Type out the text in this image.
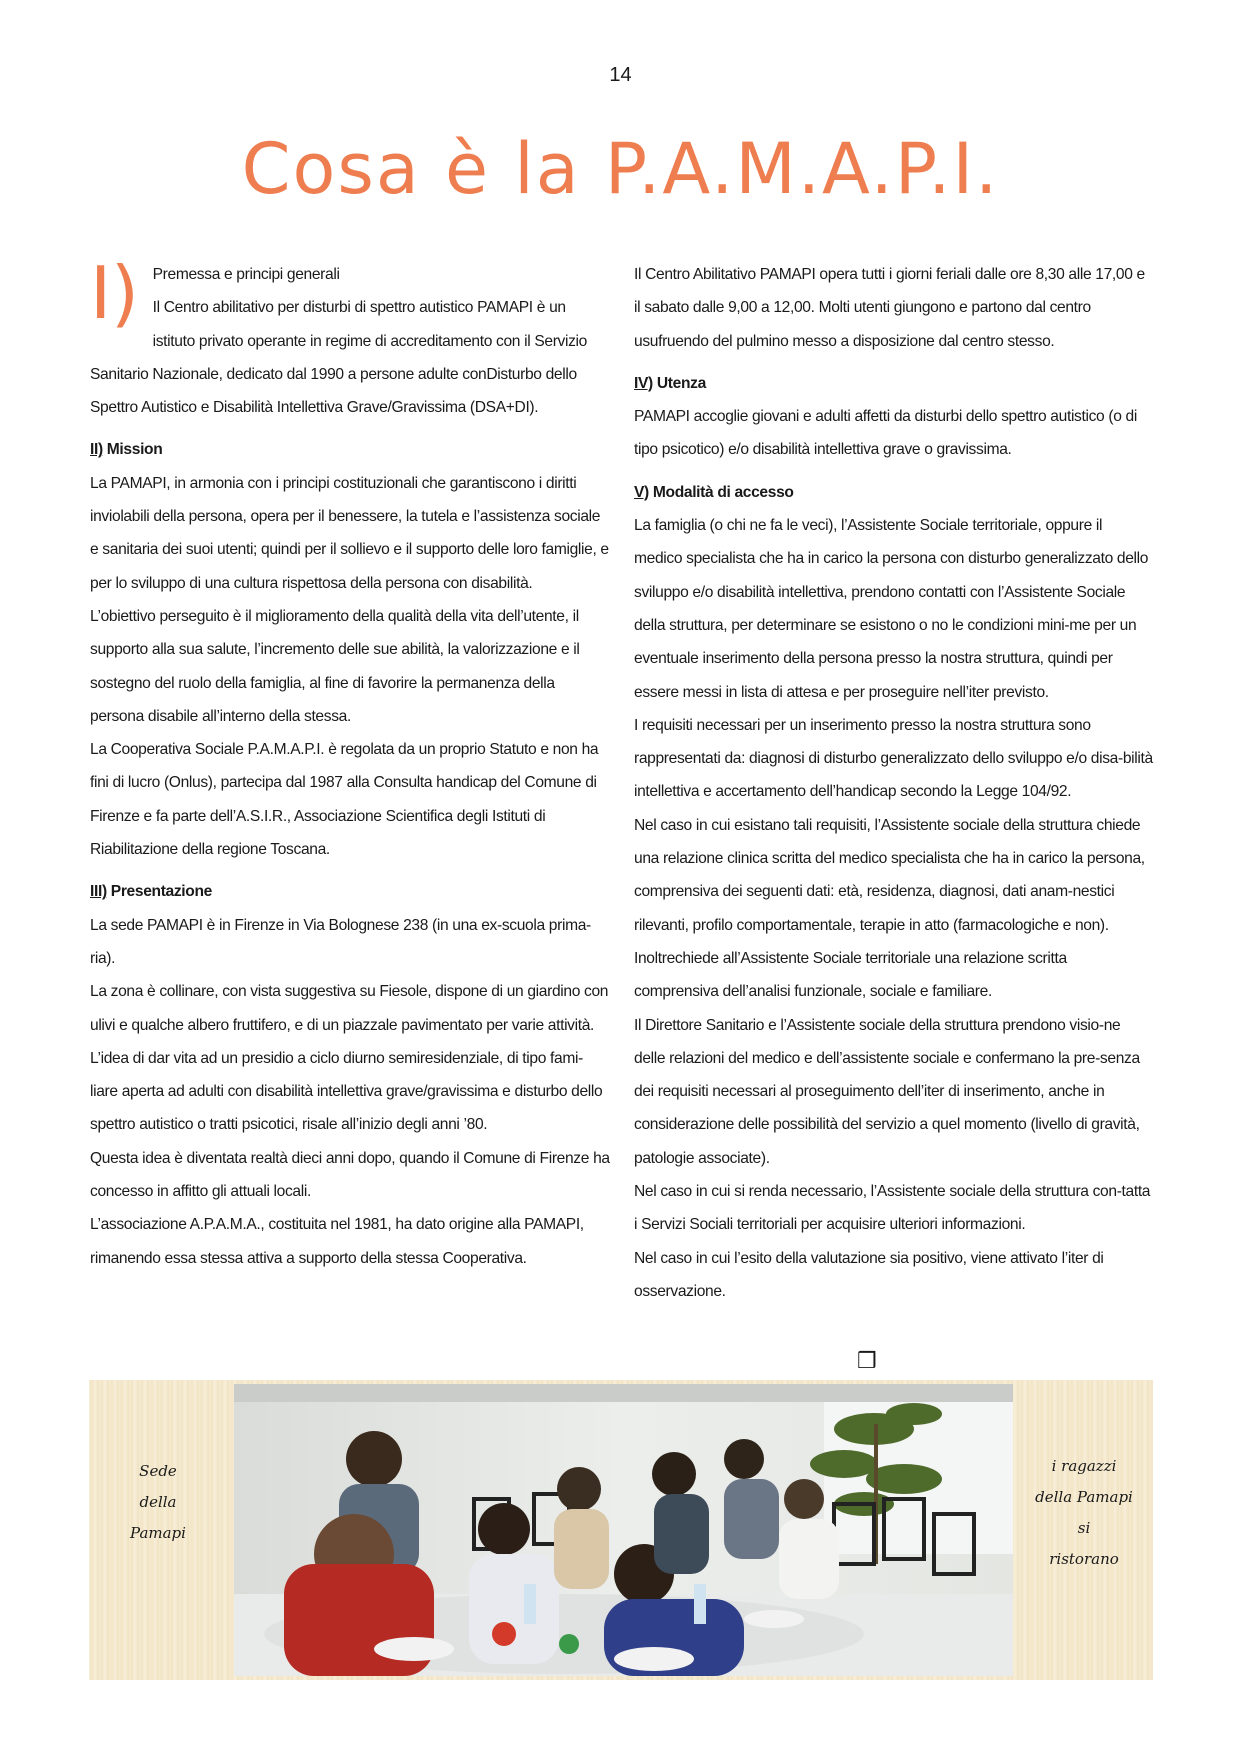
14
Cosa è la P.A.M.A.P.I.
I) Premessa e principi generali

Il Centro abilitativo per disturbi di spettro autistico PAMAPI è un istituto privato operante in regime di accreditamento con il Servizio Sanitario Nazionale, dedicato dal 1990 a persone adulte conDisturbo dello Spettro Autistico e Disabilità Intellettiva Grave/Gravissima (DSA+DI).

II) Mission

La PAMAPI, in armonia con i principi costituzionali che garantiscono i diritti inviolabili della persona, opera per il benessere, la tutela e l’assistenza sociale e sanitaria dei suoi utenti; quindi per il sollievo e il supporto delle loro famiglie, e per lo sviluppo di una cultura rispettosa della persona con disabilità.

L’obiettivo perseguito è il miglioramento della qualità della vita dell’utente, il supporto alla sua salute, l’incremento delle sue abilità, la valorizzazione e il sostegno del ruolo della famiglia, al fine di favorire la permanenza della persona disabile all’interno della stessa.

La Cooperativa Sociale P.A.M.A.P.I. è regolata da un proprio Statuto e non ha fini di lucro (Onlus), partecipa dal 1987 alla Consulta handicap del Comune di Firenze e fa parte dell’A.S.I.R., Associazione Scientifica degli Istituti di Riabilitazione della regione Toscana.

III) Presentazione

La sede PAMAPI è in Firenze in Via Bolognese 238 (in una ex-scuola prima-ria).

La zona è collinare, con vista suggestiva su Fiesole, dispone di un giardino con ulivi e qualche albero fruttifero, e di un piazzale pavimentato per varie attività.

L’idea di dar vita ad un presidio a ciclo diurno semiresidenziale, di tipo fami-liare aperta ad adulti con disabilità intellettiva grave/gravissima e disturbo dello spettro autistico o tratti psicotici, risale all’inizio degli anni ’80.

Questa idea è diventata realtà dieci anni dopo, quando il Comune di Firenze ha concesso in affitto gli attuali locali.

L’associazione A.P.A.M.A., costituita nel 1981, ha dato origine alla PAMAPI, rimanendo essa stessa attiva a supporto della stessa Cooperativa.

Il Centro Abilitativo PAMAPI opera tutti i giorni feriali dalle ore 8,30 alle 17,00 e il sabato dalle 9,00 a 12,00. Molti utenti giungono e partono dal centro usufruendo del pulmino messo a disposizione dal centro stesso.

IV) Utenza

PAMAPI accoglie giovani e adulti affetti da disturbi dello spettro autistico (o di tipo psicotico) e/o disabilità intellettiva grave o gravissima.

V) Modalità di accesso

La famiglia (o chi ne fa le veci), l’Assistente Sociale territoriale, oppure il medico specialista che ha in carico la persona con disturbo generalizzato dello sviluppo e/o disabilità intellettiva, prendono contatti con l’Assistente Sociale della struttura, per determinare se esistono o no le condizioni mini-me per un eventuale inserimento della persona presso la nostra struttura, quindi per essere messi in lista di attesa e per proseguire nell’iter previsto.

I requisiti necessari per un inserimento presso la nostra struttura sono rappresentati da: diagnosi di disturbo generalizzato dello sviluppo e/o disa-bilità intellettiva e accertamento dell’handicap secondo la Legge 104/92.

Nel caso in cui esistano tali requisiti, l’Assistente sociale della struttura chiede una relazione clinica scritta del medico specialista che ha in carico la persona, comprensiva dei seguenti dati: età, residenza, diagnosi, dati anam-nestici rilevanti, profilo comportamentale, terapie in atto (farmacologiche e non). Inoltrechiede all’Assistente Sociale territoriale una relazione scritta comprensiva dell’analisi funzionale, sociale e familiare.

Il Direttore Sanitario e l’Assistente sociale della struttura prendono visio-ne delle relazioni del medico e dell’assistente sociale e confermano la pre-senza dei requisiti necessari al proseguimento dell’iter di inserimento, anche in considerazione delle possibilità del servizio a quel momento (livello di gravità, patologie associate).

Nel caso in cui si renda necessario, l’Assistente sociale della struttura con-tatta i Servizi Sociali territoriali per acquisire ulteriori informazioni.

Nel caso in cui l’esito della valutazione sia positivo, viene attivato l’iter di osservazione.

❒
Sede
della
Pamapi
i ragazzi
della Pamapi
si
ristorano
